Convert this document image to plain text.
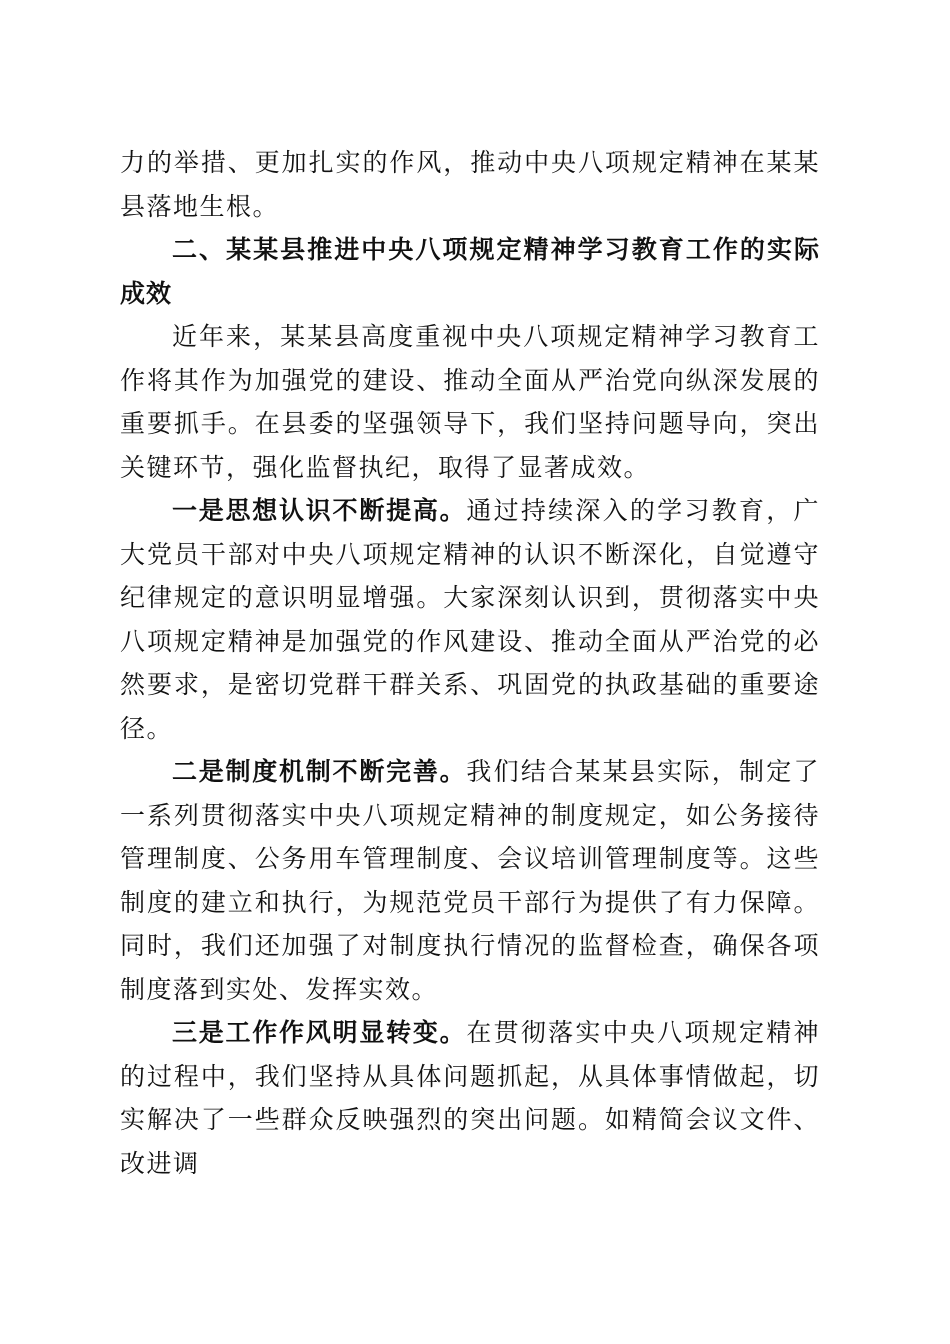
力的举措、更加扎实的作风，推动中央八项规定精神在某某县落地生根。

二、某某县推进中央八项规定精神学习教育工作的实际成效

近年来，某某县高度重视中央八项规定精神学习教育工作将其作为加强党的建设、推动全面从严治党向纵深发展的重要抓手。在县委的坚强领导下，我们坚持问题导向，突出关键环节，强化监督执纪，取得了显著成效。

一是思想认识不断提高。通过持续深入的学习教育，广大党员干部对中央八项规定精神的认识不断深化，自觉遵守纪律规定的意识明显增强。大家深刻认识到，贯彻落实中央八项规定精神是加强党的作风建设、推动全面从严治党的必然要求，是密切党群干群关系、巩固党的执政基础的重要途径。

二是制度机制不断完善。我们结合某某县实际，制定了一系列贯彻落实中央八项规定精神的制度规定，如公务接待管理制度、公务用车管理制度、会议培训管理制度等。这些制度的建立和执行，为规范党员干部行为提供了有力保障。同时，我们还加强了对制度执行情况的监督检查，确保各项制度落到实处、发挥实效。

三是工作作风明显转变。在贯彻落实中央八项规定精神的过程中，我们坚持从具体问题抓起，从具体事情做起，切实解决了一些群众反映强烈的突出问题。如精简会议文件、改进调
